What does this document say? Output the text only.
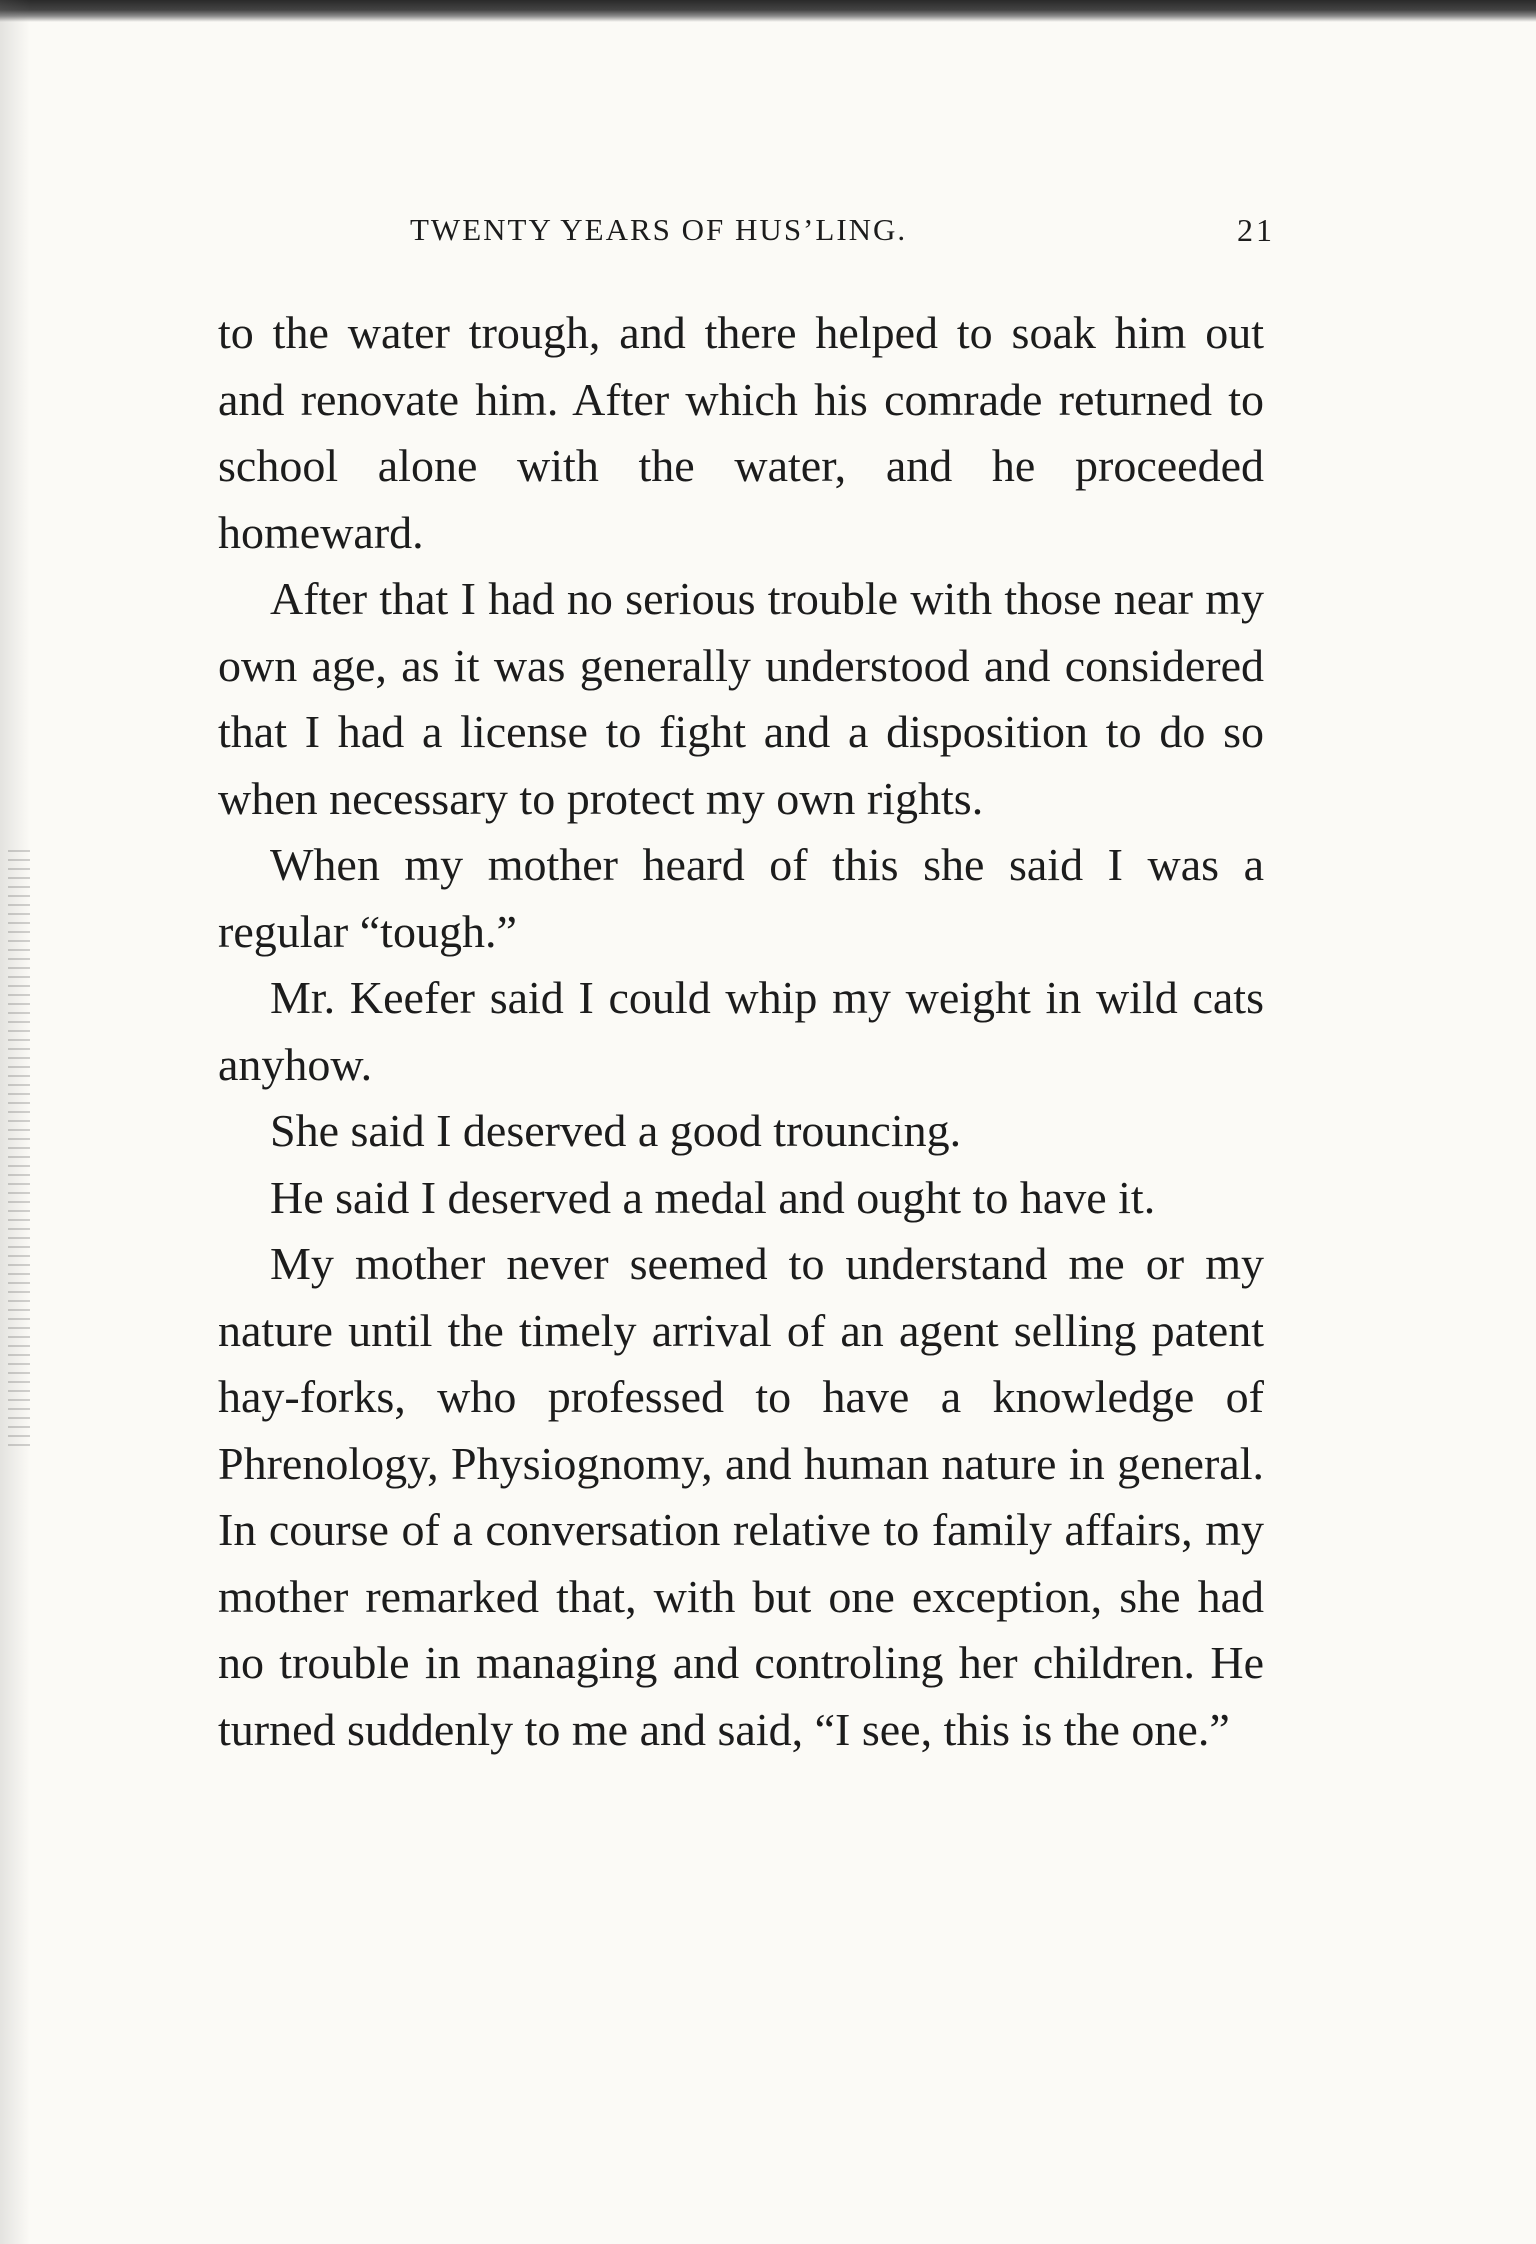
TWENTY YEARS OF HUS’LING.	21

to the water trough, and there helped to soak him out and renovate him. After which his comrade returned to school alone with the water, and he proceeded homeward.

After that I had no serious trouble with those near my own age, as it was generally understood and considered that I had a license to fight and a disposition to do so when necessary to protect my own rights.

When my mother heard of this she said I was a regular “tough.”

Mr. Keefer said I could whip my weight in wild cats anyhow.

She said I deserved a good trouncing.

He said I deserved a medal and ought to have it.

My mother never seemed to understand me or my nature until the timely arrival of an agent selling patent hay-forks, who professed to have a knowledge of Phrenology, Physiognomy, and human nature in general. In course of a conversation relative to family affairs, my mother remarked that, with but one exception, she had no trouble in managing and controling her children. He turned suddenly to me and said, “I see, this is the one.”
